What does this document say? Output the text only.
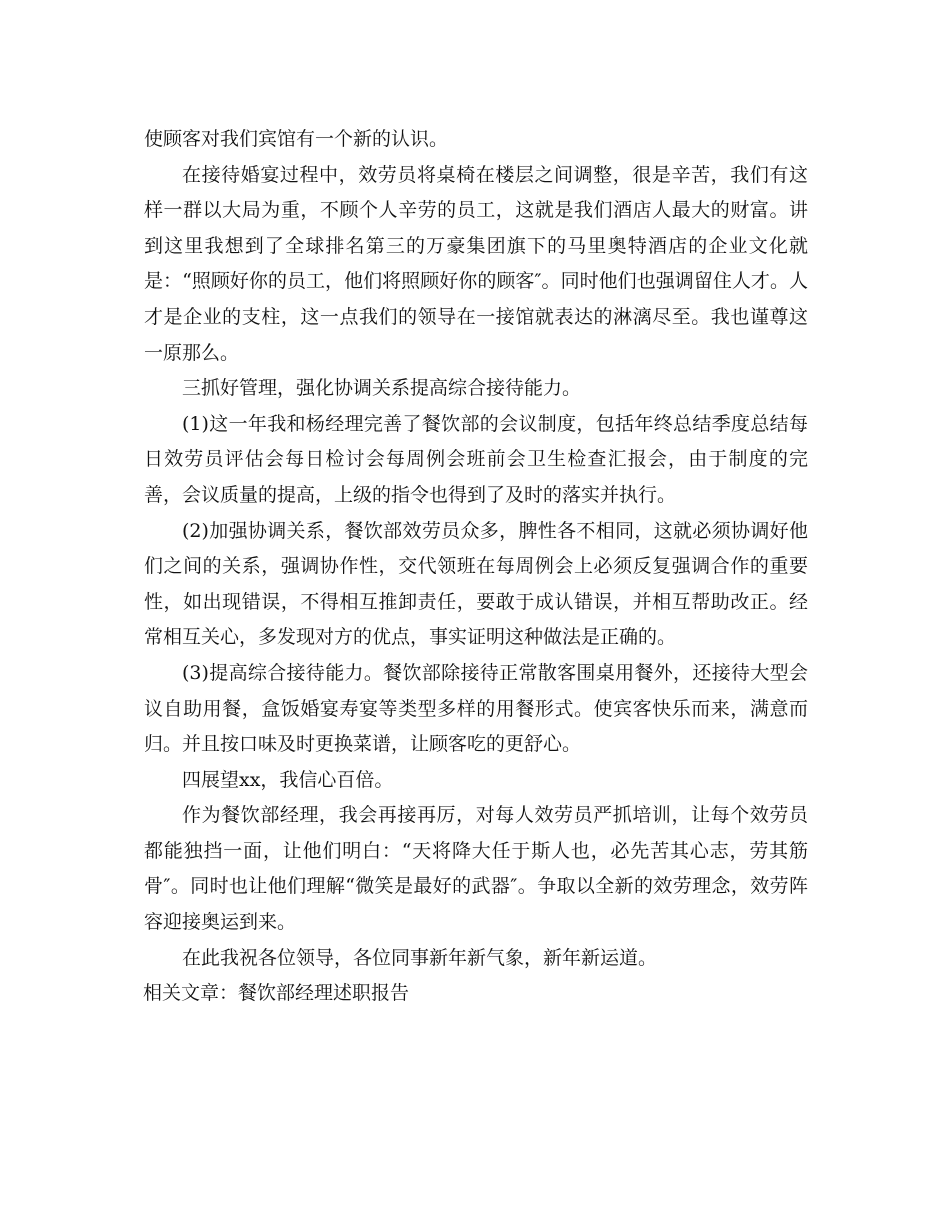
使顾客对我们宾馆有一个新的认识。

在接待婚宴过程中，效劳员将桌椅在楼层之间调整，很是辛苦，我们有这样一群以大局为重，不顾个人辛劳的员工，这就是我们酒店人最大的财富。讲到这里我想到了全球排名第三的万豪集团旗下的马里奥特酒店的企业文化就是：“照顾好你的员工，他们将照顾好你的顾客″。同时他们也强调留住人才。人才是企业的支柱，这一点我们的领导在一接馆就表达的淋漓尽至。我也谨尊这一原那么。

三抓好管理，强化协调关系提高综合接待能力。

(1)这一年我和杨经理完善了餐饮部的会议制度，包括年终总结季度总结每日效劳员评估会每日检讨会每周例会班前会卫生检查汇报会，由于制度的完善，会议质量的提高，上级的指令也得到了及时的落实并执行。

(2)加强协调关系，餐饮部效劳员众多，脾性各不相同，这就必须协调好他们之间的关系，强调协作性，交代领班在每周例会上必须反复强调合作的重要性，如出现错误，不得相互推卸责任，要敢于成认错误，并相互帮助改正。经常相互关心，多发现对方的优点，事实证明这种做法是正确的。

(3)提高综合接待能力。餐饮部除接待正常散客围桌用餐外，还接待大型会议自助用餐，盒饭婚宴寿宴等类型多样的用餐形式。使宾客快乐而来，满意而归。并且按口味及时更换菜谱，让顾客吃的更舒心。

四展望xx，我信心百倍。

作为餐饮部经理，我会再接再厉，对每人效劳员严抓培训，让每个效劳员都能独挡一面，让他们明白：“天将降大任于斯人也，必先苦其心志，劳其筋骨″。同时也让他们理解“微笑是最好的武器″。争取以全新的效劳理念，效劳阵容迎接奥运到来。

在此我祝各位领导，各位同事新年新气象，新年新运道。

相关文章：餐饮部经理述职报告
